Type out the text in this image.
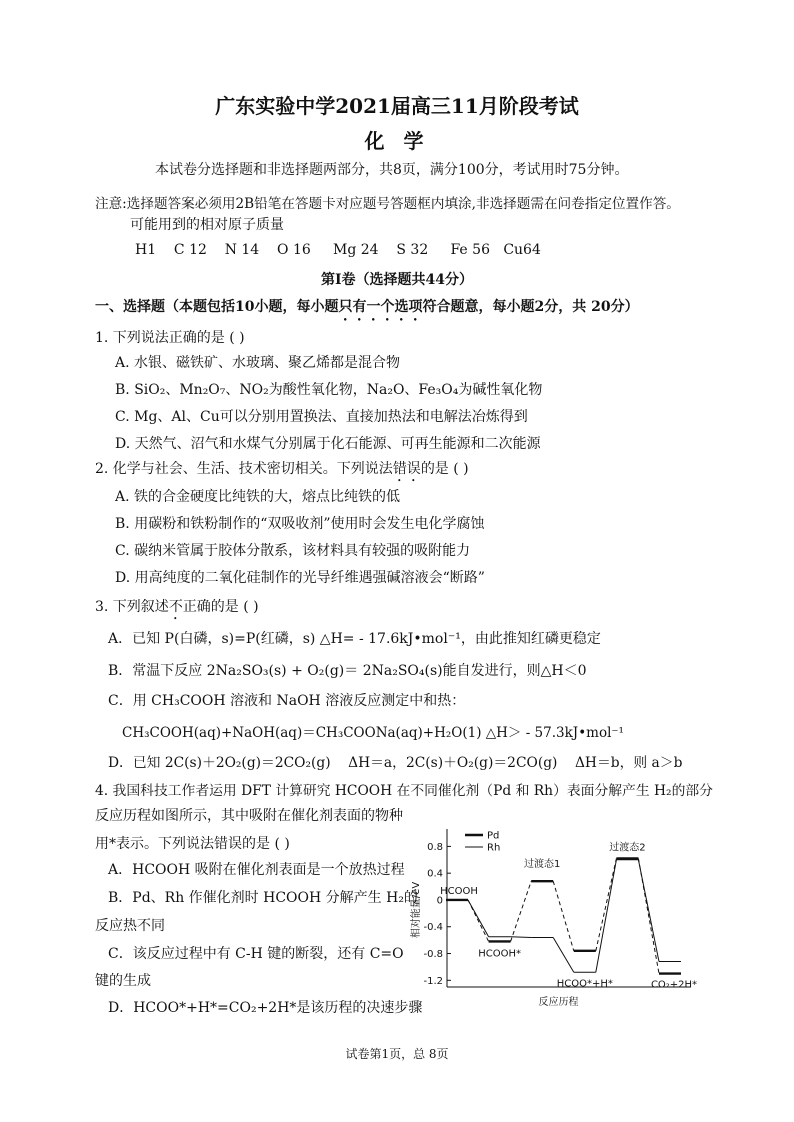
广东实验中学2021届高三11月阶段考试
化 学
本试卷分选择题和非选择题两部分，共8页，满分100分，考试用时75分钟。
注意:选择题答案必须用2B铅笔在答题卡对应题号答题框内填涂,非选择题需在问卷指定位置作答。
可能用到的相对原子质量
H1    C 12    N 14    O 16     Mg 24    S 32     Fe 56   Cu64
第Ⅰ卷（选择题共44分）
一、选择题（本题包括10小题，每小题只有一个选项符合题意，每小题2分，共 20分）
1. 下列说法正确的是 ( )
A. 水银、磁铁矿、水玻璃、聚乙烯都是混合物
B. SiO₂、Mn₂O₇、NO₂为酸性氧化物，Na₂O、Fe₃O₄为碱性氧化物
C. Mg、Al、Cu可以分别用置换法、直接加热法和电解法冶炼得到
D. 天然气、沼气和水煤气分别属于化石能源、可再生能源和二次能源
2. 化学与社会、生活、技术密切相关。下列说法错误的是 ( )
A. 铁的合金硬度比纯铁的大，熔点比纯铁的低
B. 用碳粉和铁粉制作的“双吸收剂”使用时会发生电化学腐蚀
C. 碳纳米管属于胶体分散系，该材料具有较强的吸附能力
D. 用高纯度的二氧化硅制作的光导纤维遇强碱溶液会“断路”
3. 下列叙述不正确的是 ( )
A．已知 P(白磷，s)=P(红磷，s) △H= - 17.6kJ•mol⁻¹，由此推知红磷更稳定
B．常温下反应 2Na₂SO₃(s) + O₂(g)＝ 2Na₂SO₄(s)能自发进行，则△H＜0
C．用 CH₃COOH 溶液和 NaOH 溶液反应测定中和热：
CH₃COOH(aq)+NaOH(aq)＝CH₃COONa(aq)+H₂O(1) △H＞ - 57.3kJ•mol⁻¹
D．已知 2C(s)＋2O₂(g)＝2CO₂(g)    ΔH＝a，2C(s)＋O₂(g)＝2CO(g)    ΔH＝b，则 a＞b
4. 我国科技工作者运用 DFT 计算研究 HCOOH 在不同催化剂（Pd 和 Rh）表面分解产生 H₂的部分
反应历程如图所示，其中吸附在催化剂表面的物种
用*表示。下列说法错误的是 ( )
A．HCOOH 吸附在催化剂表面是一个放热过程
B．Pd、Rh 作催化剂时 HCOOH 分解产生 H₂的
反应热不同
C．该反应过程中有 C-H 键的断裂，还有 C=O
键的生成
D．HCOO*+H*=CO₂+2H*是该历程的决速步骤
0.8
0.4
0
-0.4
-0.8
-1.2
相对能量/eV
反应历程
Pd
Rh
HCOOH
过渡态1
HCOOH*
过渡态2
HCOO*+H*	CO₂+2H*
试卷第1页，总 8页
